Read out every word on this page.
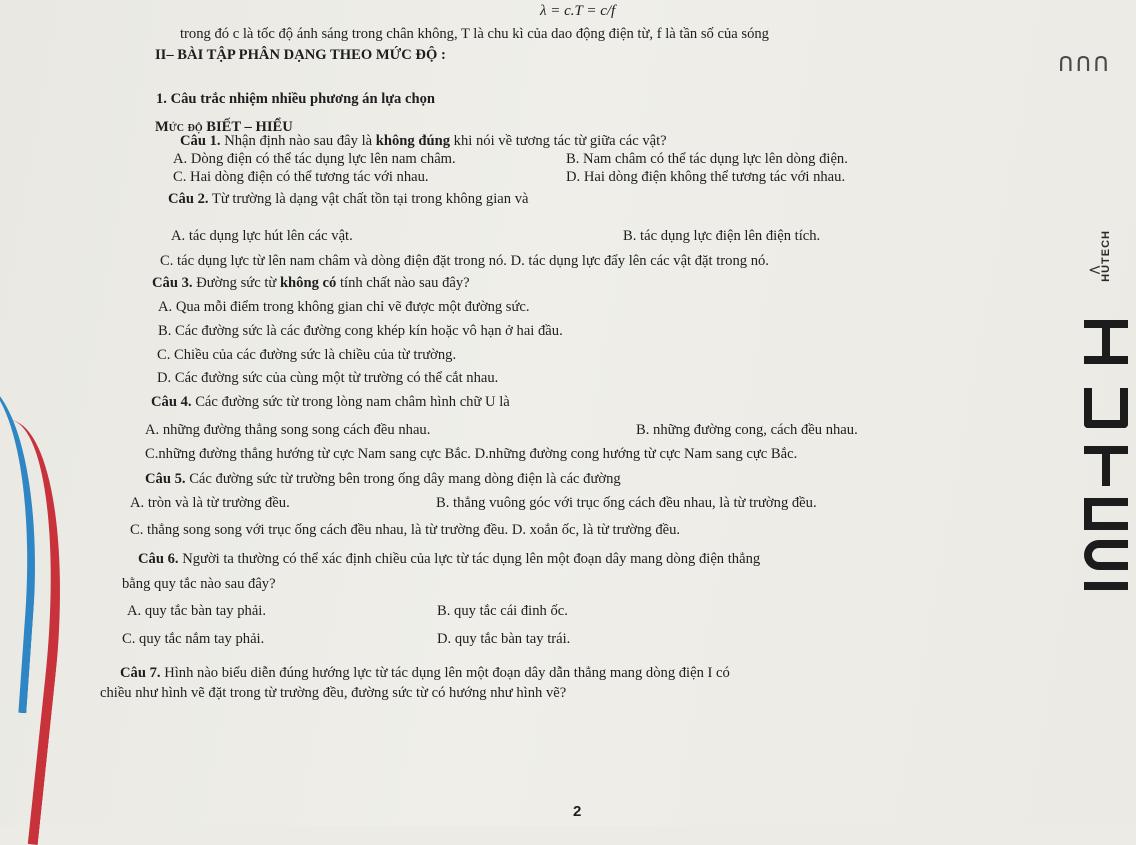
∩∩∩
<
HUTECH
λ = c.T = c/f
trong đó c là tốc độ ánh sáng trong chân không, T là chu kì của dao động điện từ, f là tần số của sóng
II– BÀI TẬP PHÂN DẠNG THEO MỨC ĐỘ :
1. Câu trắc nhiệm nhiều phương án lựa chọn
Mức độ BIẾT – HIỂU
Câu 1. Nhận định nào sau đây là không đúng khi nói về tương tác từ giữa các vật?
A. Dòng điện có thể tác dụng lực lên nam châm.	B. Nam châm có thể tác dụng lực lên dòng điện.
C. Hai dòng điện có thể tương tác với nhau.	D. Hai dòng điện không thể tương tác với nhau.
Câu 2. Từ trường là dạng vật chất tồn tại trong không gian và
A. tác dụng lực hút lên các vật.	B. tác dụng lực điện lên điện tích.
C. tác dụng lực từ lên nam châm và dòng điện đặt trong nó. D. tác dụng lực đẩy lên các vật đặt trong nó.
Câu 3. Đường sức từ không có tính chất nào sau đây?
A. Qua mỗi điểm trong không gian chỉ vẽ được một đường sức.
B. Các đường sức là các đường cong khép kín hoặc vô hạn ở hai đầu.
C. Chiều của các đường sức là chiều của từ trường.
D. Các đường sức của cùng một từ trường có thể cắt nhau.
Câu 4. Các đường sức từ trong lòng nam châm hình chữ U là
A. những đường thẳng song song cách đều nhau.	B. những đường cong, cách đều nhau.
C.những đường thẳng hướng từ cực Nam sang cực Bắc. D.những đường cong hướng từ cực Nam sang cực Bắc.
Câu 5. Các đường sức từ trường bên trong ống dây mang dòng điện là các đường
A. tròn và là từ trường đều.	B. thẳng vuông góc với trục ống cách đều nhau, là từ trường đều.
C. thẳng song song với trục ống cách đều nhau, là từ trường đều. D. xoắn ốc, là từ trường đều.
Câu 6. Người ta thường có thể xác định chiều của lực từ tác dụng lên một đoạn dây mang dòng điện thẳng
bằng quy tắc nào sau đây?
A. quy tắc bàn tay phải.	B. quy tắc cái đinh ốc.
C. quy tắc nắm tay phải.	D. quy tắc bàn tay trái.
Câu 7. Hình nào biểu diễn đúng hướng lực từ tác dụng lên một đoạn dây dẫn thẳng mang dòng điện I có
chiều như hình vẽ đặt trong từ trường đều, đường sức từ có hướng như hình vẽ?
2
